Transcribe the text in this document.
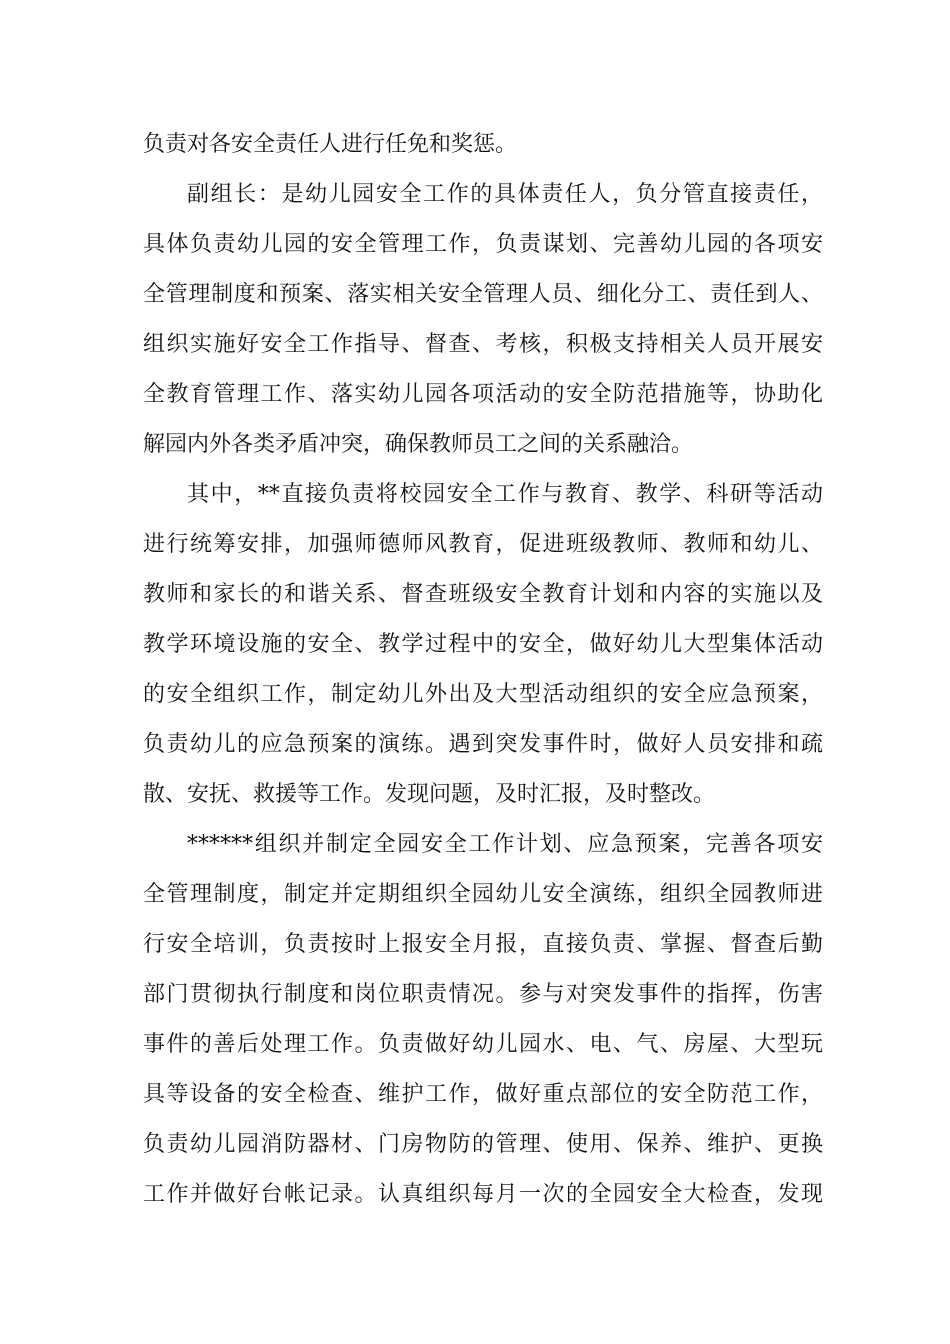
负责对各安全责任人进行任免和奖惩。
副组长：是幼儿园安全工作的具体责任人，负分管直接责任，
具体负责幼儿园的安全管理工作，负责谋划、完善幼儿园的各项安
全管理制度和预案、落实相关安全管理人员、细化分工、责任到人、
组织实施好安全工作指导、督查、考核，积极支持相关人员开展安
全教育管理工作、落实幼儿园各项活动的安全防范措施等，协助化
解园内外各类矛盾冲突，确保教师员工之间的关系融洽。
其中，**直接负责将校园安全工作与教育、教学、科研等活动
进行统筹安排，加强师德师风教育，促进班级教师、教师和幼儿、
教师和家长的和谐关系、督查班级安全教育计划和内容的实施以及
教学环境设施的安全、教学过程中的安全，做好幼儿大型集体活动
的安全组织工作，制定幼儿外出及大型活动组织的安全应急预案，
负责幼儿的应急预案的演练。遇到突发事件时，做好人员安排和疏
散、安抚、救援等工作。发现问题，及时汇报，及时整改。
******组织并制定全园安全工作计划、应急预案，完善各项安
全管理制度，制定并定期组织全园幼儿安全演练，组织全园教师进
行安全培训，负责按时上报安全月报，直接负责、掌握、督查后勤
部门贯彻执行制度和岗位职责情况。参与对突发事件的指挥，伤害
事件的善后处理工作。负责做好幼儿园水、电、气、房屋、大型玩
具等设备的安全检查、维护工作，做好重点部位的安全防范工作，
负责幼儿园消防器材、门房物防的管理、使用、保养、维护、更换
工作并做好台帐记录。认真组织每月一次的全园安全大检查，发现
